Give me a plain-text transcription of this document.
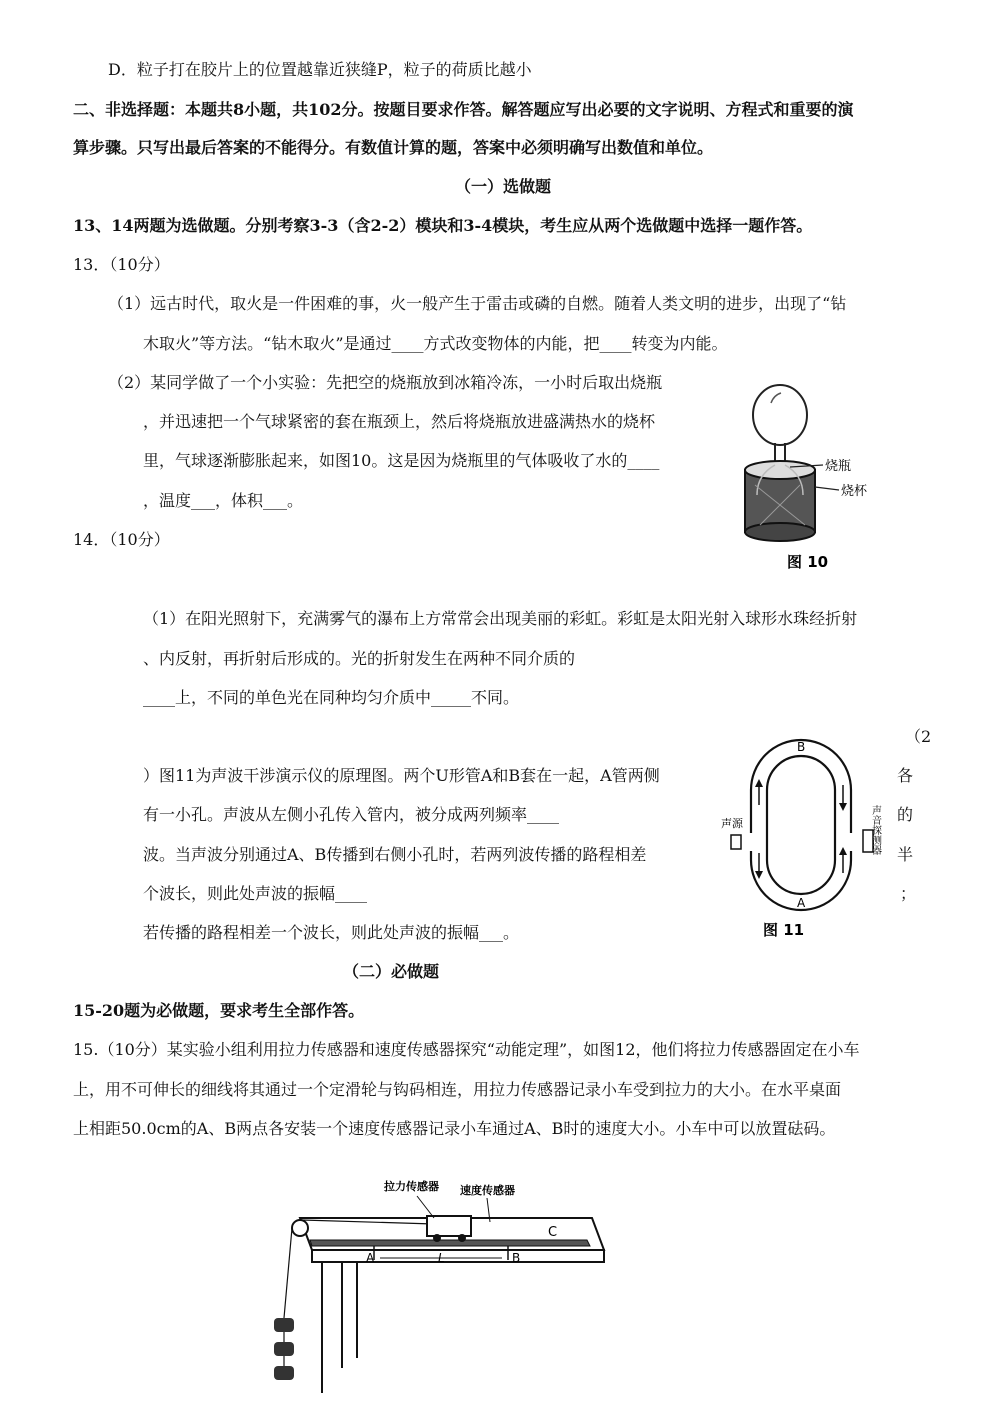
D．粒子打在胶片上的位置越靠近狭缝P，粒子的荷质比越小
二、非选择题：本题共8小题，共102分。按题目要求作答。解答题应写出必要的文字说明、方程式和重要的演
算步骤。只写出最后答案的不能得分。有数值计算的题，答案中必须明确写出数值和单位。
（一）选做题
13、14两题为选做题。分别考察3-3（含2-2）模块和3-4模块，考生应从两个选做题中选择一题作答。
13．（10分）
（1）远古时代，取火是一件困难的事，火一般产生于雷击或磷的自燃。随着人类文明的进步，出现了“钻
木取火”等方法。“钻木取火”是通过____方式改变物体的内能，把____转变为内能。
（2）某同学做了一个小实验：先把空的烧瓶放到冰箱冷冻，一小时后取出烧瓶
，并迅速把一个气球紧密的套在瓶颈上，然后将烧瓶放进盛满热水的烧杯
里，气球逐渐膨胀起来，如图10。这是因为烧瓶里的气体吸收了水的____
，温度___，体积___。
烧瓶
烧杯
图 10
14．（10分）
（1）在阳光照射下，充满雾气的瀑布上方常常会出现美丽的彩虹。彩虹是太阳光射入球形水珠经折射
、内反射，再折射后形成的。光的折射发生在两种不同介质的
____上，不同的单色光在同种均匀介质中_____不同。
（2
）图11为声波干涉演示仪的原理图。两个U形管A和B套在一起，A管两侧
有一小孔。声波从左侧小孔传入管内，被分成两列频率____
波。当声波分别通过A、B传播到右侧小孔时，若两列波传播的路程相差
个波长，则此处声波的振幅____
若传播的路程相差一个波长，则此处声波的振幅___。
各
的
半
；
声源
B
A
声音探测器
图 11
（二）必做题
15-20题为必做题，要求考生全部作答。
15.（10分）某实验小组利用拉力传感器和速度传感器探究“动能定理”，如图12，他们将拉力传感器固定在小车
上，用不可伸长的细线将其通过一个定滑轮与钩码相连，用拉力传感器记录小车受到拉力的大小。在水平桌面
上相距50.0cm的A、B两点各安装一个速度传感器记录小车通过A、B时的速度大小。小车中可以放置砝码。
拉力传感器 速度传感器
C
A	L	B
